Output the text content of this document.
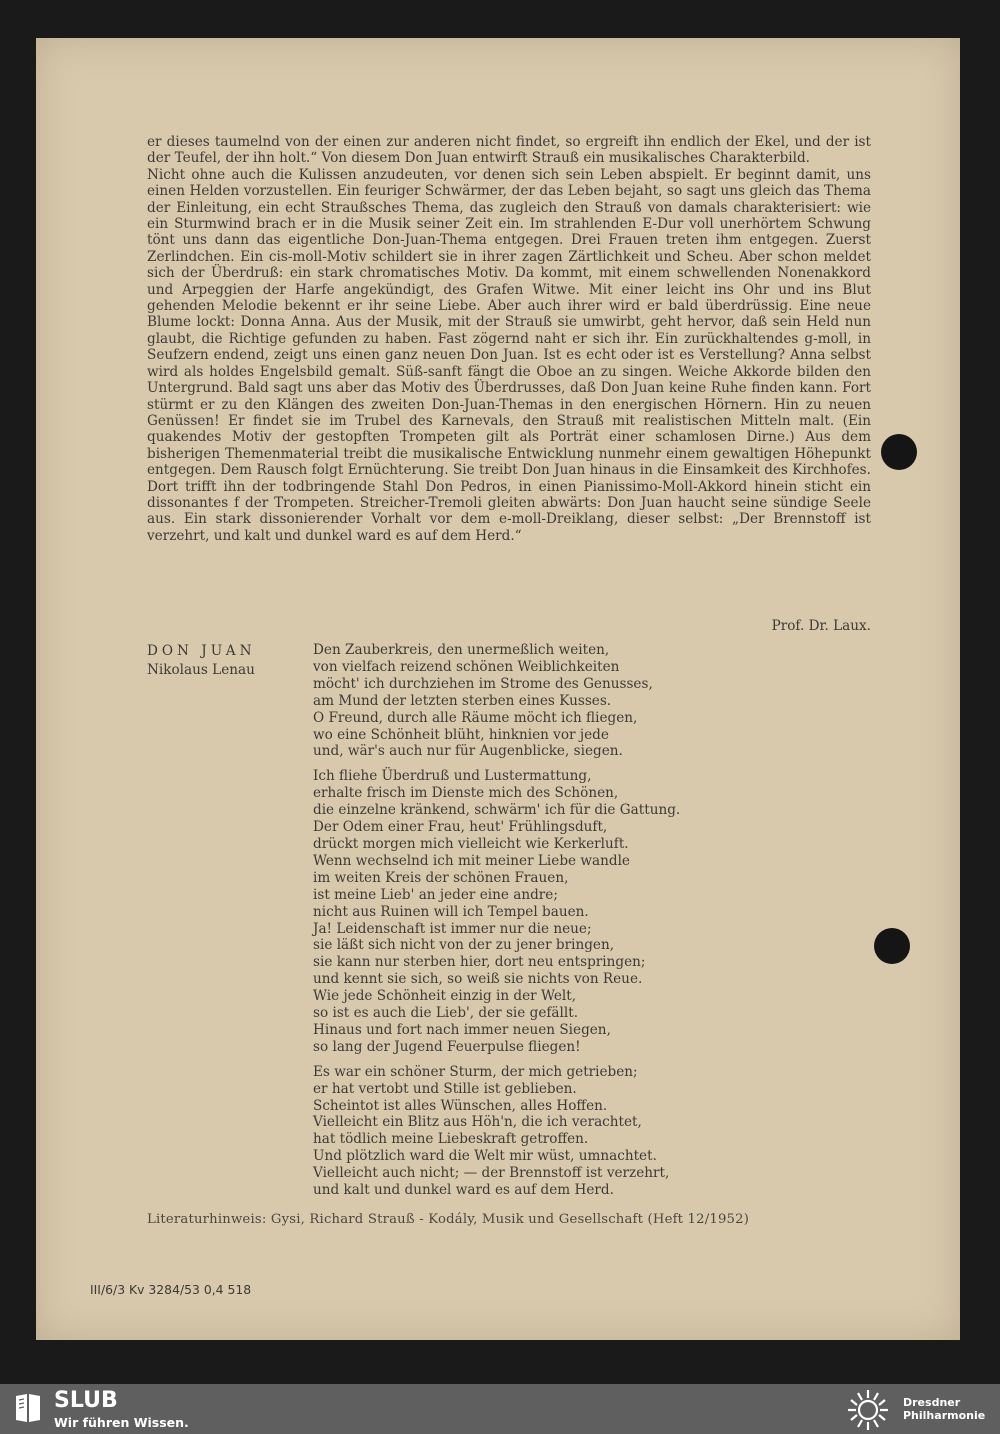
er dieses taumelnd von der einen zur anderen nicht findet, so ergreift ihn endlich der Ekel, und der ist der Teufel, der ihn holt.“ Von diesem Don Juan entwirft Strauß ein musikalisches Charakterbild.

Nicht ohne auch die Kulissen anzudeuten, vor denen sich sein Leben abspielt. Er beginnt damit, uns einen Helden vorzustellen. Ein feuriger Schwärmer, der das Leben bejaht, so sagt uns gleich das Thema der Einleitung, ein echt Straußsches Thema, das zugleich den Strauß von damals charakterisiert: wie ein Sturmwind brach er in die Musik seiner Zeit ein. Im strahlenden E-Dur voll unerhörtem Schwung tönt uns dann das eigentliche Don-Juan-Thema entgegen. Drei Frauen treten ihm entgegen. Zuerst Zerlindchen. Ein cis-moll-Motiv schildert sie in ihrer zagen Zärtlichkeit und Scheu. Aber schon meldet sich der Überdruß: ein stark chromatisches Motiv. Da kommt, mit einem schwellenden Nonenakkord und Arpeggien der Harfe angekündigt, des Grafen Witwe. Mit einer leicht ins Ohr und ins Blut gehenden Melodie bekennt er ihr seine Liebe. Aber auch ihrer wird er bald überdrüssig. Eine neue Blume lockt: Donna Anna. Aus der Musik, mit der Strauß sie umwirbt, geht hervor, daß sein Held nun glaubt, die Richtige gefunden zu haben. Fast zögernd naht er sich ihr. Ein zurückhaltendes g-moll, in Seufzern endend, zeigt uns einen ganz neuen Don Juan. Ist es echt oder ist es Verstellung? Anna selbst wird als holdes Engelsbild gemalt. Süß-sanft fängt die Oboe an zu singen. Weiche Akkorde bilden den Untergrund. Bald sagt uns aber das Motiv des Überdrusses, daß Don Juan keine Ruhe finden kann. Fort stürmt er zu den Klängen des zweiten Don-Juan-Themas in den energischen Hörnern. Hin zu neuen Genüssen! Er findet sie im Trubel des Karnevals, den Strauß mit realistischen Mitteln malt. (Ein quakendes Motiv der gestopften Trompeten gilt als Porträt einer schamlosen Dirne.) Aus dem bisherigen Themenmaterial treibt die musikalische Entwicklung nunmehr einem gewaltigen Höhepunkt entgegen. Dem Rausch folgt Ernüchterung. Sie treibt Don Juan hinaus in die Einsamkeit des Kirchhofes. Dort trifft ihn der todbringende Stahl Don Pedros, in einen Pianissimo-Moll-Akkord hinein sticht ein dissonantes f der Trompeten. Streicher-Tremoli gleiten abwärts: Don Juan haucht seine sündige Seele aus. Ein stark dissonierender Vorhalt vor dem e-moll-Dreiklang, dieser selbst: „Der Brennstoff ist verzehrt, und kalt und dunkel ward es auf dem Herd.“

Prof. Dr. Laux.
DON JUAN
Nikolaus Lenau
Den Zauberkreis, den unermeßlich weiten,
von vielfach reizend schönen Weiblichkeiten
möcht' ich durchziehen im Strome des Genusses,
am Mund der letzten sterben eines Kusses.
O Freund, durch alle Räume möcht ich fliegen,
wo eine Schönheit blüht, hinknien vor jede
und, wär's auch nur für Augenblicke, siegen.
Ich fliehe Überdruß und Lustermattung,
erhalte frisch im Dienste mich des Schönen,
die einzelne kränkend, schwärm' ich für die Gattung.
Der Odem einer Frau, heut' Frühlingsduft,
drückt morgen mich vielleicht wie Kerkerluft.
Wenn wechselnd ich mit meiner Liebe wandle
im weiten Kreis der schönen Frauen,
ist meine Lieb' an jeder eine andre;
nicht aus Ruinen will ich Tempel bauen.
Ja! Leidenschaft ist immer nur die neue;
sie läßt sich nicht von der zu jener bringen,
sie kann nur sterben hier, dort neu entspringen;
und kennt sie sich, so weiß sie nichts von Reue.
Wie jede Schönheit einzig in der Welt,
so ist es auch die Lieb', der sie gefällt.
Hinaus und fort nach immer neuen Siegen,
so lang der Jugend Feuerpulse fliegen!
Es war ein schöner Sturm, der mich getrieben;
er hat vertobt und Stille ist geblieben.
Scheintot ist alles Wünschen, alles Hoffen.
Vielleicht ein Blitz aus Höh'n, die ich verachtet,
hat tödlich meine Liebeskraft getroffen.
Und plötzlich ward die Welt mir wüst, umnachtet.
Vielleicht auch nicht; — der Brennstoff ist verzehrt,
und kalt und dunkel ward es auf dem Herd.
Literaturhinweis: Gysi, Richard Strauß - Kodály, Musik und Gesellschaft (Heft 12/1952)
III/6/3 Kv 3284/53 0,4 518
SLUB
Wir führen Wissen.
Dresdner
Philharmonie
